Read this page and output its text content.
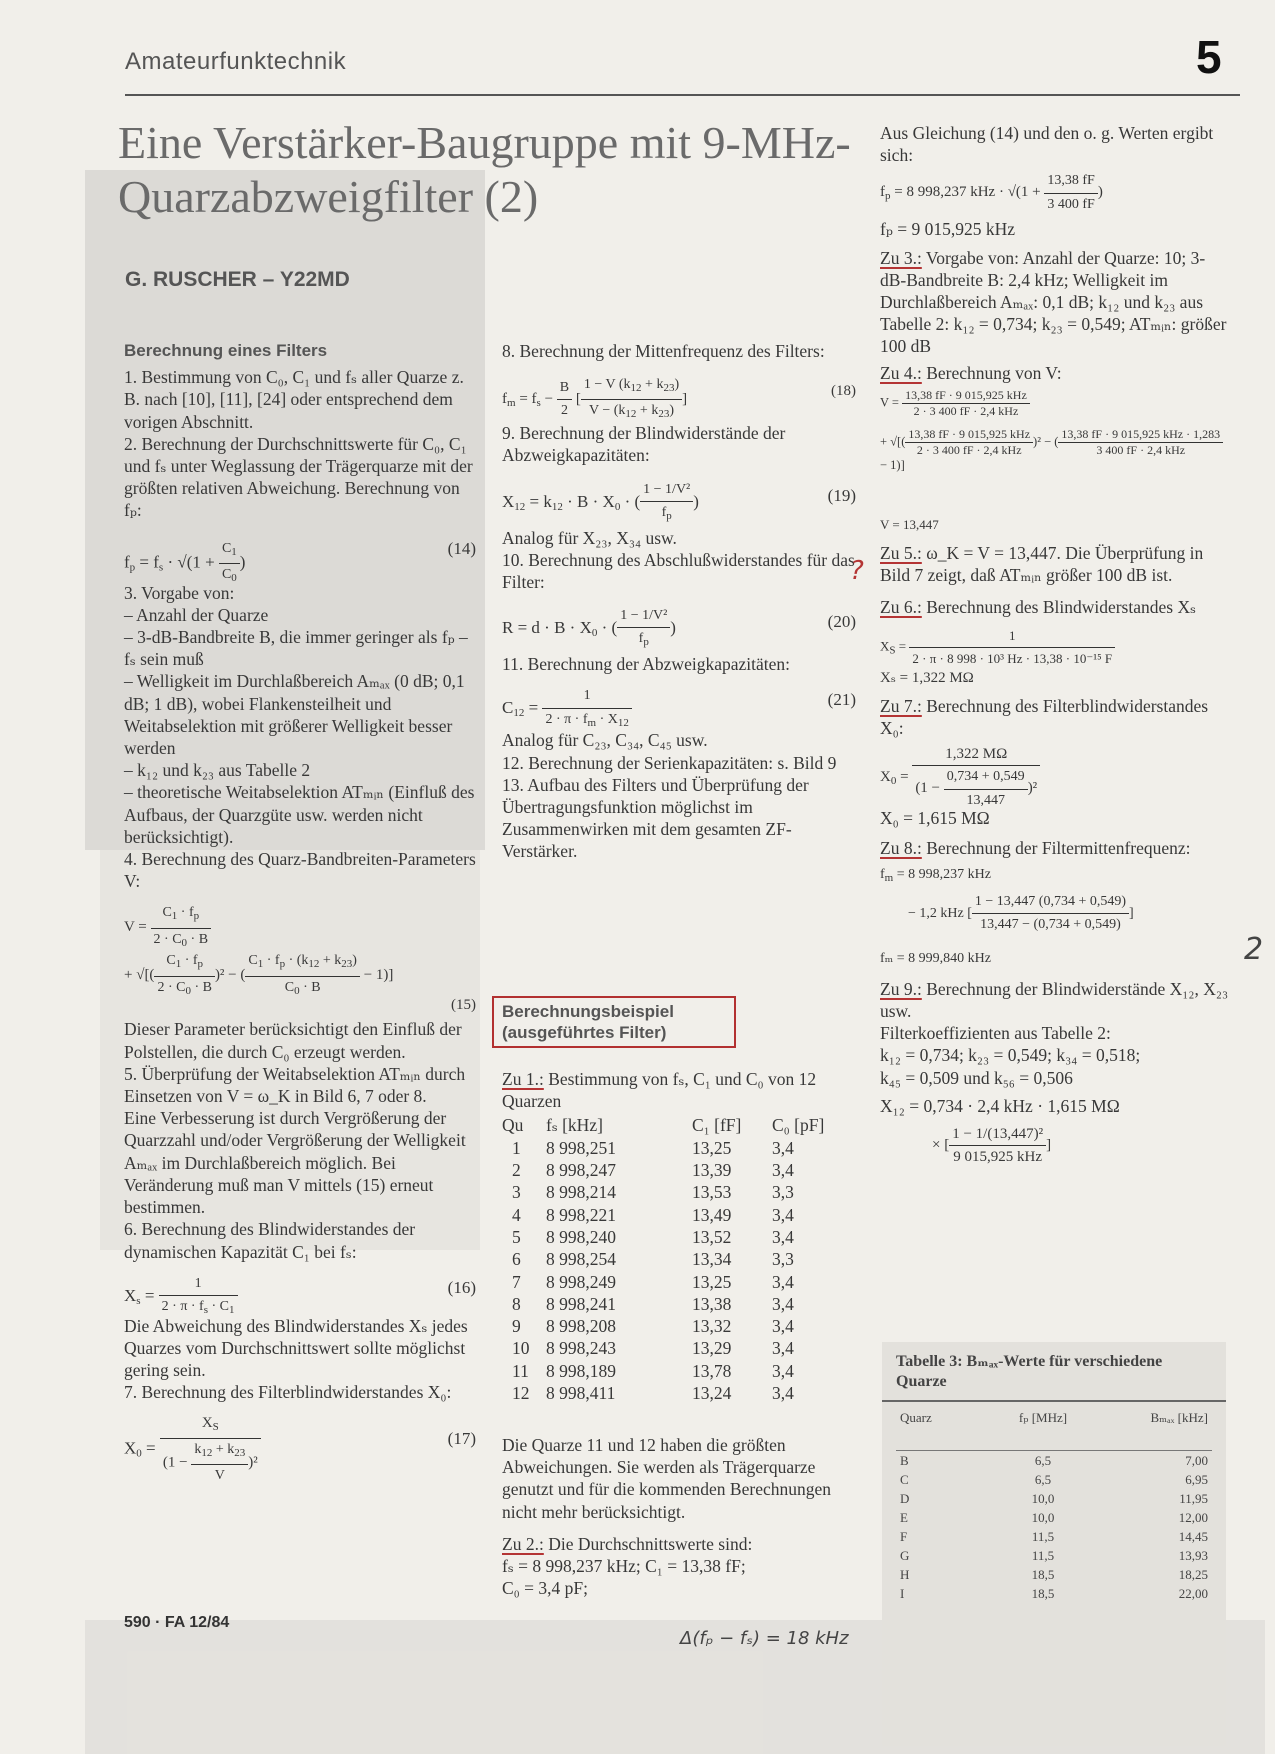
Amateurfunktechnik	5
Eine Verstärker-Baugruppe mit 9-MHz-Quarzabzweigfilter (2)
G. RUSCHER – Y22MD

Berechnung eines Filters

1. Bestimmung von C₀, C₁ und fₛ aller Quarze z. B. nach [10], [11], [24] oder entsprechend dem vorigen Abschnitt.

2. Berechnung der Durchschnittswerte für C₀, C₁ und fₛ unter Weglassung der Trägerquarze mit der größten relativen Abweichung. Berechnung von fₚ:

$f_p = f_s \cdot √(1 + \frac{C_1}{C_0}$ )
(14)

3. Vorgabe von:

– Anzahl der Quarze

– 3-dB-Bandbreite B, die immer geringer als fₚ – fₛ sein muß

– Welligkeit im Durchlaßbereich Aₘₐₓ (0 dB; 0,1 dB; 1 dB), wobei Flankensteilheit und Weitabselektion mit größerer Welligkeit besser werden

– k₁₂ und k₂₃ aus Tabelle 2

– theoretische Weitabselektion ATₘᵢₙ (Einfluß des Aufbaus, der Quarzgüte usw. werden nicht berücksichtigt).

4. Berechnung des Quarz-Bandbreiten-Parameters V:

$V = \frac{C_1 \cdot f_p}{2 \cdot C_0 \cdot B}$
+ √[( $\frac{C_1 \cdot f_p}{2 \cdot C_0 \cdot B} )^2$ − ( $\frac{C_1 \cdot f_p \cdot (k_{12} + k_{23})}{C_0 \cdot B} - 1$)]
(15)

Dieser Parameter berücksichtigt den Einfluß der Polstellen, die durch C₀ erzeugt werden.

5. Überprüfung der Weitabselektion ATₘᵢₙ durch Einsetzen von V = ω_K in Bild 6, 7 oder 8.

Eine Verbesserung ist durch Vergrößerung der Quarzzahl und/oder Vergrößerung der Welligkeit Aₘₐₓ im Durchlaßbereich möglich. Bei Veränderung muß man V mittels (15) erneut bestimmen.

6. Berechnung des Blindwiderstandes der dynamischen Kapazität C₁ bei fₛ:

$X_s = \frac{1}{2 \cdot \pi \cdot f_s \cdot C_1}$	(16)

Die Abweichung des Blindwiderstandes Xₛ jedes Quarzes vom Durchschnittswert sollte möglichst gering sein.

7. Berechnung des Filterblindwiderstandes X₀:

$X_0 = \frac{X_S}{(1 - \frac{k_{12} + k_{23}}{V} )^2}$	(17)
590 · FA 12/84

8. Berechnung der Mittenfrequenz des Filters:

$f_m = f_s - \frac{B}{2}$ [ $\frac{1 - V (k_{12} + k_{23})}{V - (k_{12} + k_{23})}$ ]
(18)

9. Berechnung der Blindwiderstände der Abzweigkapazitäten:

$X_{12} = k_{12} \cdot B \cdot X_0$ · ( $\frac{\text{1 − 1/V²}}{f_p}$ )	(19)

Analog für X₂₃, X₃₄ usw.

10. Berechnung des Abschlußwiderstandes für das Filter:

$R = d \cdot B \cdot X_0$ · ( $\frac{\text{1 − 1/V²}}{f_p}$ )	(20)

11. Berechnung der Abzweigkapazitäten:

$C_{12} = \frac{1}{2 \cdot \pi \cdot f_m \cdot X_{12}}$	(21)

Analog für C₂₃, C₃₄, C₄₅ usw.

12. Berechnung der Serienkapazitäten: s. Bild 9

13. Aufbau des Filters und Überprüfung der Übertragungsfunktion möglichst im Zusammenwirken mit dem gesamten ZF-Verstärker.

Berechnungsbeispiel
(ausgeführtes Filter)

Zu 1.: Bestimmung von fₛ, C₁ und C₀ von 12 Quarzen

Qu	fₛ [kHz]	C₁ [fF]	C₀ [pF]
1	8 998,251	13,25	3,4
2	8 998,247	13,39	3,4
3	8 998,214	13,53	3,3
4	8 998,221	13,49	3,4
5	8 998,240	13,52	3,4
6	8 998,254	13,34	3,3
7	8 998,249	13,25	3,4
8	8 998,241	13,38	3,4
9	8 998,208	13,32	3,4
10	8 998,243	13,29	3,4
11	8 998,189	13,78	3,4
12	8 998,411	13,24	3,4

Die Quarze 11 und 12 haben die größten Abweichungen. Sie werden als Trägerquarze genutzt und für die kommenden Berechnungen nicht mehr berücksichtigt.

Zu 2.: Die Durchschnittswerte sind:

fₛ = 8 998,237 kHz; C₁ = 13,38 fF;

C₀ = 3,4 pF;

Aus Gleichung (14) und den o. g. Werten ergibt sich:

$f_p = 8$ 998,237 kHz · $√(1 + \frac{13,38 fF}{3 400 fF}$ )

fₚ = 9 015,925 kHz

Zu 3.: Vorgabe von: Anzahl der Quarze: 10; 3-dB-Bandbreite B: 2,4 kHz; Welligkeit im Durchlaßbereich Aₘₐₓ: 0,1 dB; k₁₂ und k₂₃ aus Tabelle 2: k₁₂ = 0,734; k₂₃ = 0,549; ATₘᵢₙ: größer 100 dB

Zu 4.: Berechnung von V:

$V = \frac{\text{13,38 fF · 9 015,925 kHz}}{\text{2 · 3 400 fF · 2,4 kHz}}$
+ √[( $\frac{\text{13,38 fF · 9 015,925 kHz}}{\text{2 · 3 400 fF · 2,4 kHz}} )^2$ − ( $\frac{\text{13,38 fF · 9 015,925 kHz · 1,283}}{\text{3 400 fF · 2,4 kHz}}$
− 1)]

V = 13,447

Zu 5.: ω_K = V = 13,447. Die Überprüfung in Bild 7 zeigt, daß ATₘᵢₙ größer 100 dB ist.

Zu 6.: Berechnung des Blindwiderstandes Xₛ

$X_S = \frac{1}{\text{2 · π · 8 998 · 10³ Hz · 13,38 · 10⁻¹⁵ F}}$

Xₛ = 1,322 MΩ

Zu 7.: Berechnung des Filterblindwiderstandes X₀:

$X_0 = \frac{1,322 M\Omega}{(1 - \frac{0,734 + 0,549}{13,447} )^2}$

X₀ = 1,615 MΩ

Zu 8.: Berechnung der Filtermittenfrequenz:

$f_m = 8$ 998,237 kHz
− 1,2 kHz [ $\frac{1 - 13,447 (0,734 + 0,549)}{13,447 - (0,734 + 0,549)}$ ]

fₘ = 8 999,840 kHz

Zu 9.: Berechnung der Blindwiderstände X₁₂, X₂₃ usw.

Filterkoeffizienten aus Tabelle 2:

k₁₂ = 0,734; k₂₃ = 0,549; k₃₄ = 0,518;

k₄₅ = 0,509 und k₅₆ = 0,506

X₁₂ = 0,734 · 2,4 kHz · 1,615 MΩ

× [ $\frac{\text{1 − 1/(13,447)²}}{\text{9 015,925 kHz}}$ ]
Tabelle 3: Bₘₐₓ-Werte für verschiedene Quarze
Quarz	fₚ [MHz]	Bₘₐₓ [kHz]
B	6,5	7,00
C	6,5	6,95
D	10,0	11,95
E	10,0	12,00
F	11,5	14,45
G	11,5	13,93
H	18,5	18,25
I	18,5	22,00
?
2
Δ(fₚ − fₛ) = 18 kHz
